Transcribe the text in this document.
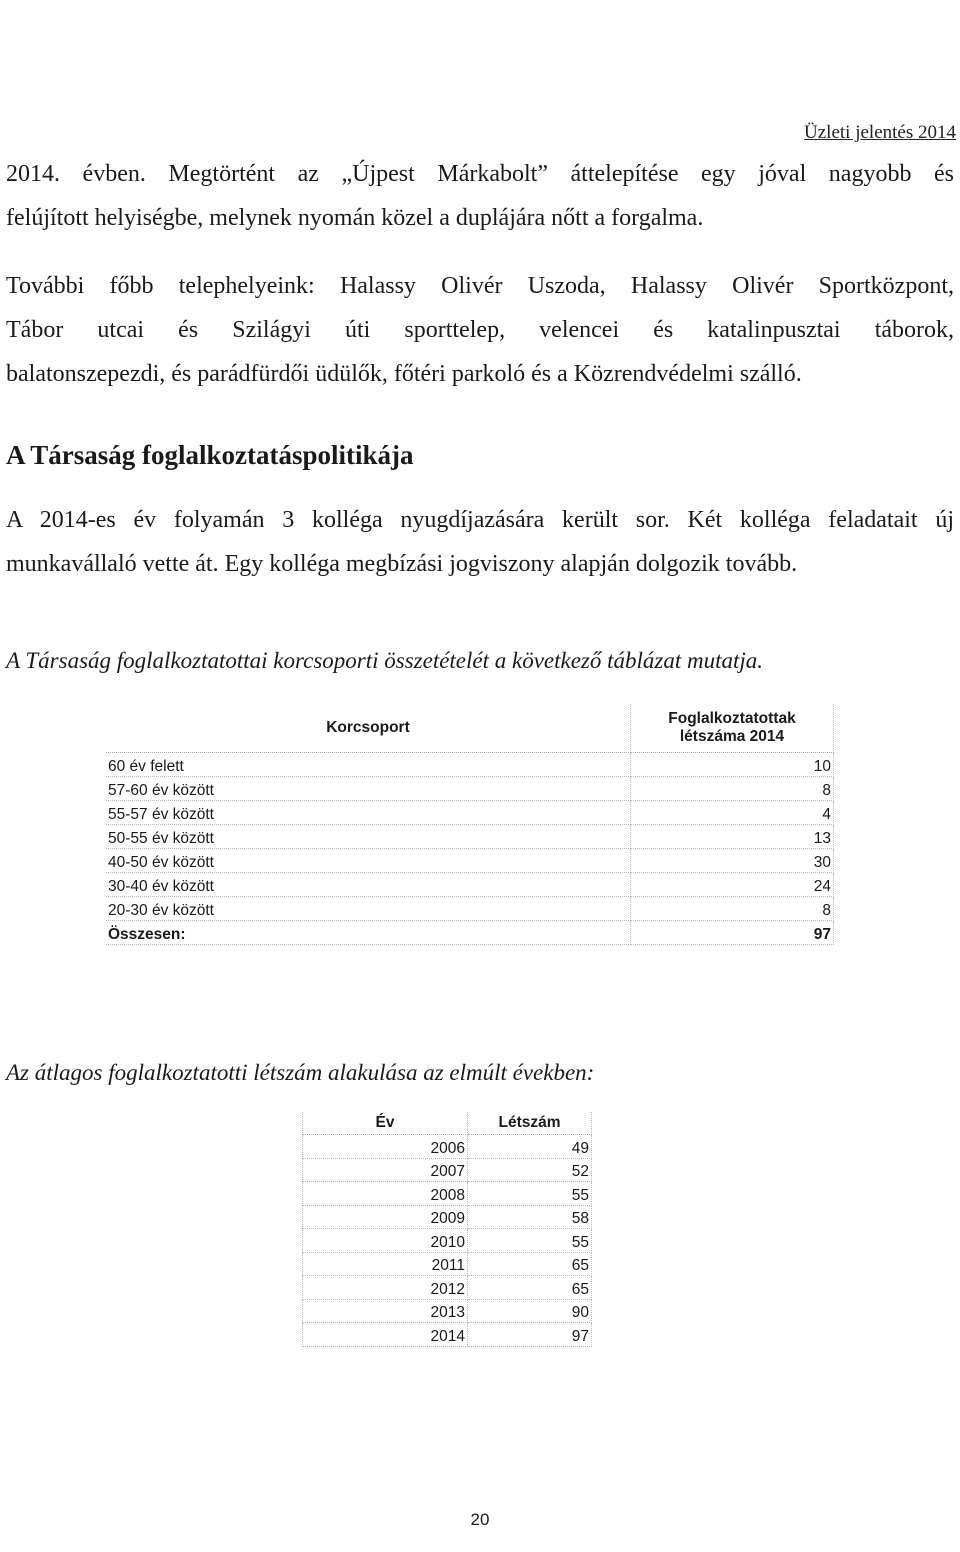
Üzleti jelentés 2014
2014. évben. Megtörtént az „Újpest Márkabolt” áttelepítése egy jóval nagyobb és
felújított helyiségbe, melynek nyomán közel a duplájára nőtt a forgalma.
További főbb telephelyeink: Halassy Olivér Uszoda, Halassy Olivér Sportközpont,
Tábor utcai és Szilágyi úti sporttelep, velencei és katalinpusztai táborok,
balatonszepezdi, és parádfürdői üdülők, főtéri parkoló és a Közrendvédelmi szálló.
A Társaság foglalkoztatáspolitikája
A 2014-es év folyamán 3 kolléga nyugdíjazására került sor. Két kolléga feladatait új
munkavállaló vette át. Egy kolléga megbízási jogviszony alapján dolgozik tovább.
A Társaság foglalkoztatottai korcsoporti összetételét a következő táblázat mutatja.
Korcsoport	Foglalkoztatottak
létszáma 2014
60 év felett	10
57-60 év között	8
55-57 év között	4
50-55 év között	13
40-50 év között	30
30-40 év között	24
20-30 év között	8
Összesen:	97
Az átlagos foglalkoztatotti létszám alakulása az elmúlt években:
Év	Létszám
2006	49
2007	52
2008	55
2009	58
2010	55
2011	65
2012	65
2013	90
2014	97
20
